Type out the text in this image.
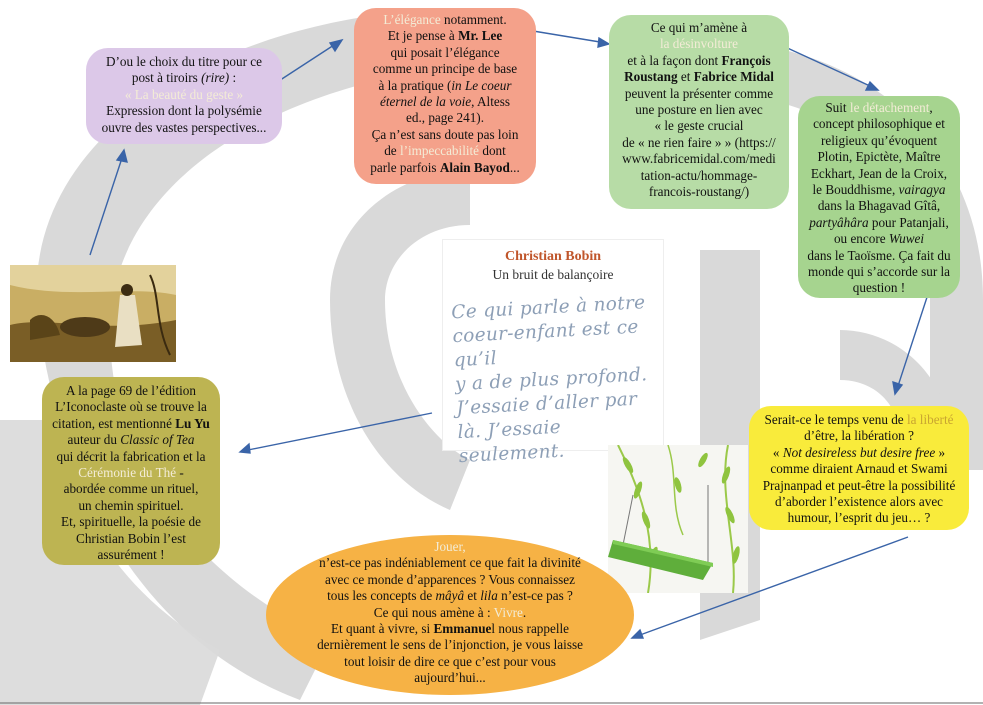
D’ou le choix du titre pour ce
post à tiroirs (rire) :
« La beauté du geste »
Expression dont la polysémie
ouvre des vastes perspectives...
L’élégance notamment.
Et je pense à Mr. Lee
qui posait l’élégance
comme un principe de base
à la pratique (in Le coeur
éternel de la voie, Altess
ed., page 241).
Ça n’est sans doute pas loin
de l’impeccabilité dont
parle parfois Alain Bayod...
Ce qui m’amène à
la désinvolture
et à la façon dont François
Roustang et Fabrice Midal
peuvent la présenter comme
une posture en lien avec
« le geste crucial
de « ne rien faire » » (https://
www.fabricemidal.com/medi
tation-actu/hommage-
francois-roustang/)
Suit le détachement,
concept philosophique et
religieux qu’évoquent
Plotin, Epictète, Maître
Eckhart, Jean de la Croix,
le Bouddhisme, vairagya
dans la Bhagavad Gîtâ,
partyâhâra pour Patanjali,
ou encore Wuwei
dans le Taoïsme. Ça fait du
monde qui s’accorde sur la
question !
Christian Bobin
Un bruit de balançoire
Ce qui parle à notre
coeur-enfant est ce qu’il
y a de plus profond.
J’essaie d’aller par
là. J’essaie seulement.
Serait-ce le temps venu de la liberté
d’être, la libération ?
« Not desireless but desire free »
comme diraient Arnaud et Swami
Prajnanpad et peut-être la possibilité
d’aborder l’existence alors avec
humour, l’esprit du jeu… ?
Jouer,
n’est-ce pas indéniablement ce que fait la divinité
avec ce monde d’apparences ? Vous connaissez
tous les concepts de mâyâ et lila n’est-ce pas ?
Ce qui nous amène à : Vivre.
Et quant à vivre, si Emmanuel nous rappelle
dernièrement le sens de l’injonction, je vous laisse
tout loisir de dire ce que c’est pour vous
aujourd’hui...
A la page 69 de l’édition
L’Iconoclaste où se trouve la
citation, est mentionné Lu Yu
auteur du Classic of Tea
qui décrit la fabrication et la
Cérémonie du Thé -
abordée comme un rituel,
un chemin spirituel.
Et, spirituelle, la poésie de
Christian Bobin l’est
assurément !
